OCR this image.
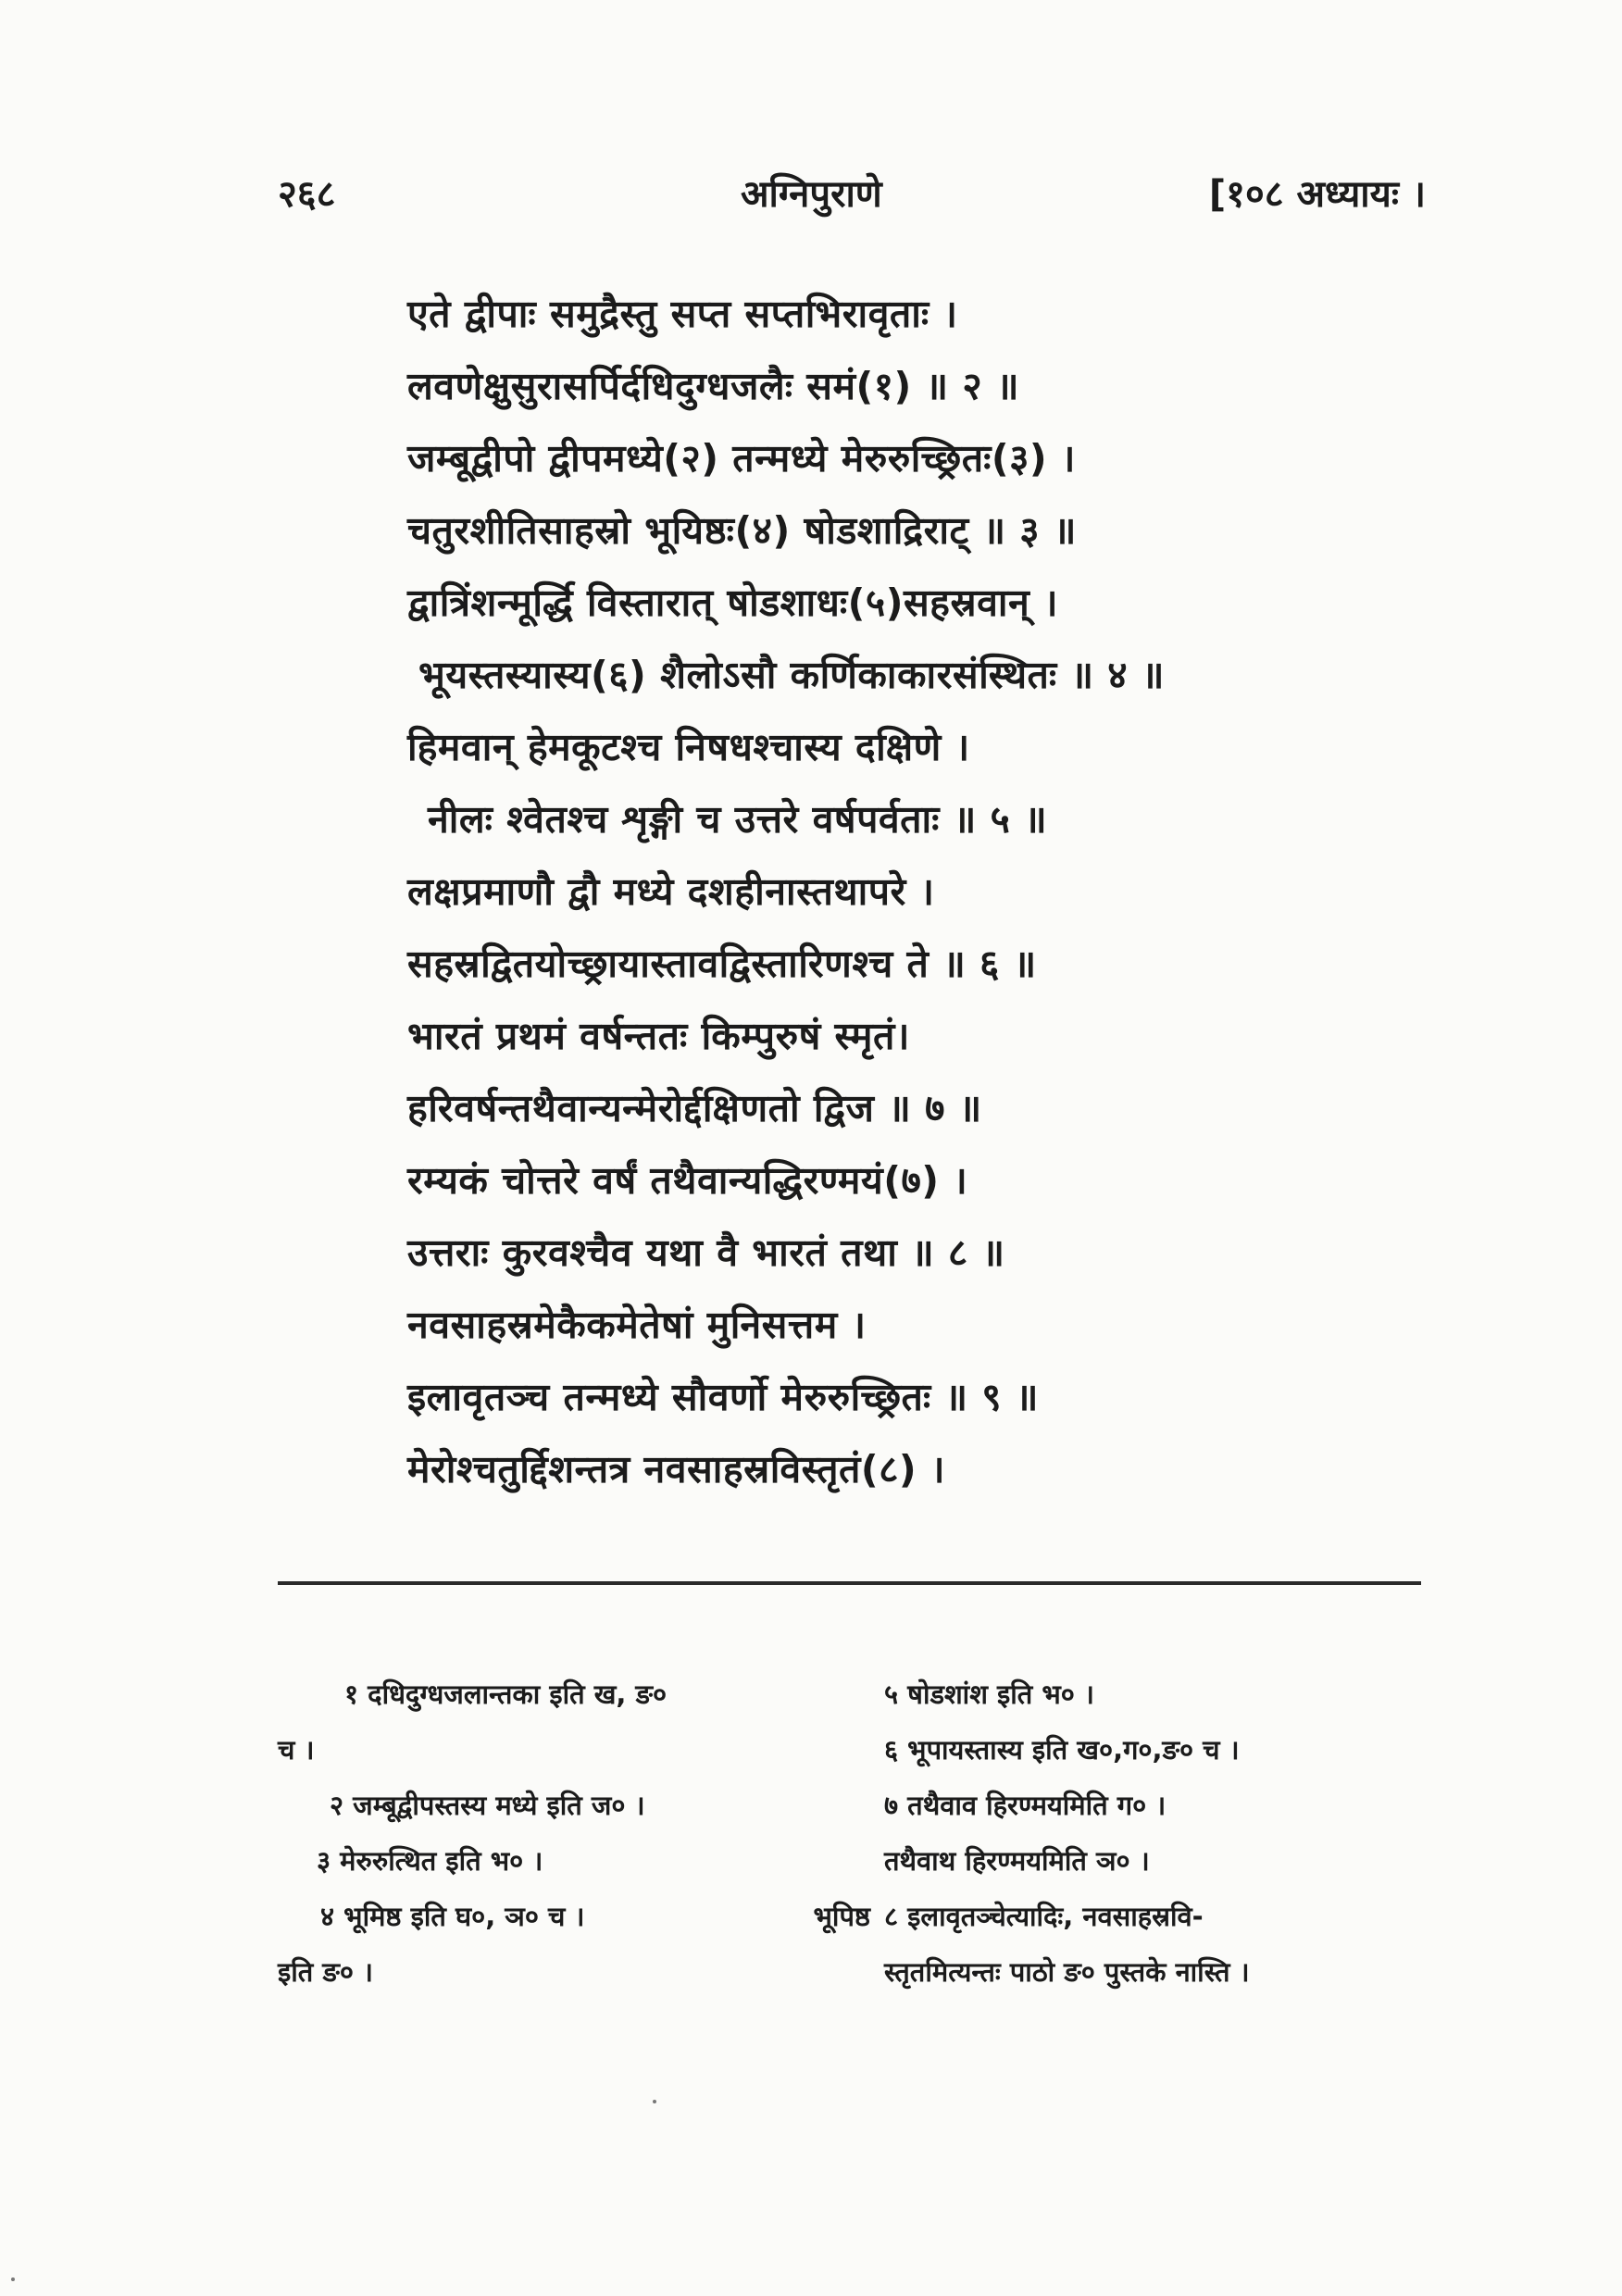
२६८	अग्निपुराणे	[१०८ अध्यायः ।
एते द्वीपाः समुद्रैस्तु सप्त सप्तभिरावृताः ।
लवणेक्षुसुरासर्पिर्दधिदुग्धजलैः समं(१) ॥ २ ॥
जम्बूद्वीपो द्वीपमध्ये(२) तन्मध्ये मेरुरुच्छ्रितः(३) ।
चतुरशीतिसाहस्रो भूयिष्ठः(४) षोडशाद्रिराट् ॥ ३ ॥
द्वात्रिंशन्मूर्द्धि विस्तारात् षोडशाधः(५)सहस्रवान् ।
भूयस्तस्यास्य(६) शैलोऽसौ कर्णिकाकारसंस्थितः ॥ ४ ॥
हिमवान् हेमकूटश्च निषधश्चास्य दक्षिणे ।
नीलः श्वेतश्च शृङ्गी च उत्तरे वर्षपर्वताः ॥ ५ ॥
लक्षप्रमाणौ द्वौ मध्ये दशहीनास्तथापरे ।
सहस्रद्वितयोच्छ्रायास्तावद्विस्तारिणश्च ते ॥ ६ ॥
भारतं प्रथमं वर्षन्ततः किम्पुरुषं स्मृतं।
हरिवर्षन्तथैवान्यन्मेरोर्द्दक्षिणतो द्विज ॥ ७ ॥
रम्यकं चोत्तरे वर्षं तथैवान्यद्धिरण्मयं(७) ।
उत्तराः कुरवश्चैव यथा वै भारतं तथा ॥ ८ ॥
नवसाहस्रमेकैकमेतेषां मुनिसत्तम ।
इलावृतञ्च तन्मध्ये सौवर्णो मेरुरुच्छ्रितः ॥ ९ ॥
मेरोश्चतुर्द्दिशन्तत्र नवसाहस्रविस्तृतं(८) ।
१ दधिदुग्धजलान्तका इति ख, ङ०
च ।
२ जम्बूद्वीपस्तस्य मध्ये इति ज० ।
३ मेरुरुत्थित इति भ० ।
४ भूमिष्ठ इति घ०, ञ० च ।	भूपिष्ठ
इति ङ० ।
५ षोडशांश इति भ० ।
६ भूपायस्तास्य इति ख०,ग०,ङ० च ।
७ तथैवाव हिरण्मयमिति ग० ।
तथैवाथ हिरण्मयमिति ञ० ।
८ इलावृतञ्चेत्यादिः, नवसाहस्रवि-
स्तृतमित्यन्तः पाठो ङ० पुस्तके नास्ति ।
